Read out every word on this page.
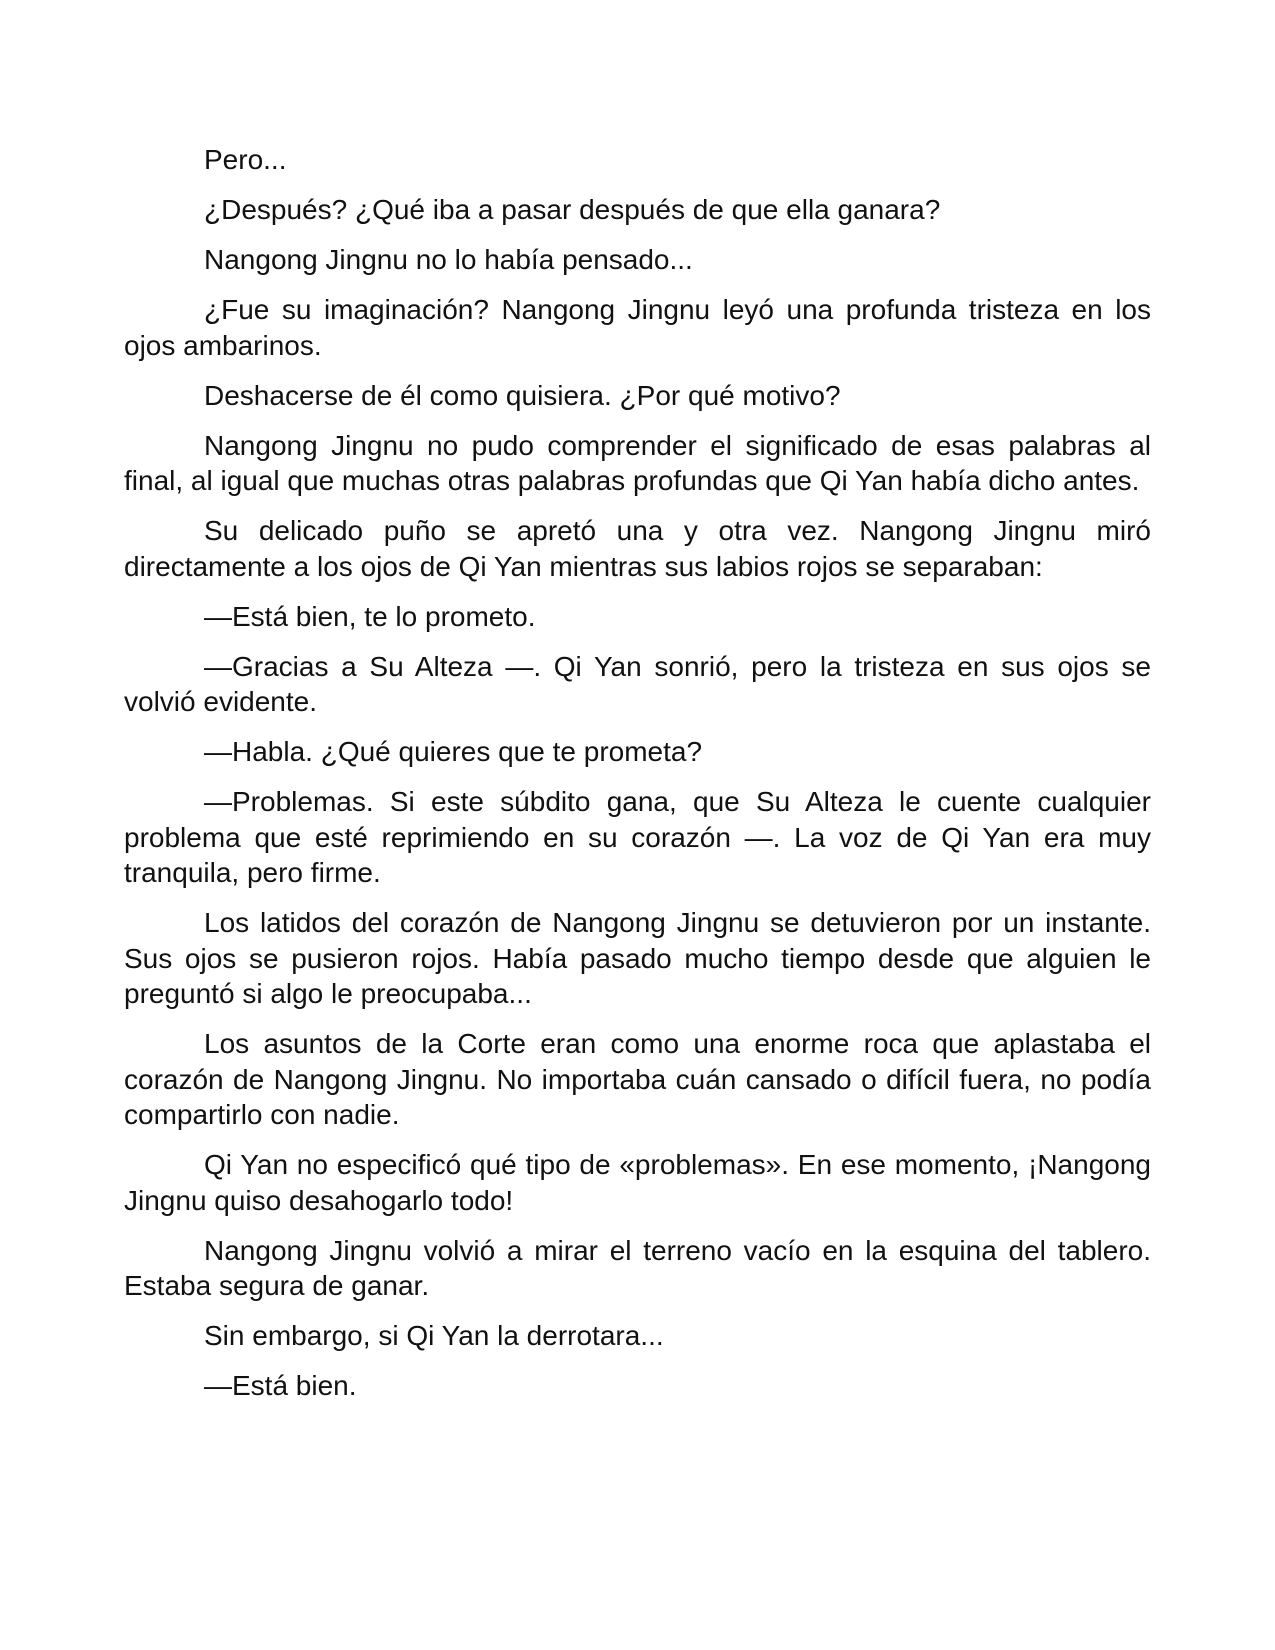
Pero...

¿Después? ¿Qué iba a pasar después de que ella ganara?

Nangong Jingnu no lo había pensado...

¿Fue su imaginación? Nangong Jingnu leyó una profunda tristeza en los ojos ambarinos.

Deshacerse de él como quisiera. ¿Por qué motivo?

Nangong Jingnu no pudo comprender el significado de esas palabras al final, al igual que muchas otras palabras profundas que Qi Yan había dicho antes.

Su delicado puño se apretó una y otra vez. Nangong Jingnu miró directamente a los ojos de Qi Yan mientras sus labios rojos se separaban:

—Está bien, te lo prometo.

—Gracias a Su Alteza —. Qi Yan sonrió, pero la tristeza en sus ojos se volvió evidente.

—Habla. ¿Qué quieres que te prometa?

—Problemas. Si este súbdito gana, que Su Alteza le cuente cualquier problema que esté reprimiendo en su corazón —. La voz de Qi Yan era muy tranquila, pero firme.

Los latidos del corazón de Nangong Jingnu se detuvieron por un instante. Sus ojos se pusieron rojos. Había pasado mucho tiempo desde que alguien le preguntó si algo le preocupaba...

Los asuntos de la Corte eran como una enorme roca que aplastaba el corazón de Nangong Jingnu. No importaba cuán cansado o difícil fuera, no podía compartirlo con nadie.

Qi Yan no especificó qué tipo de «problemas». En ese momento, ¡Nangong Jingnu quiso desahogarlo todo!

Nangong Jingnu volvió a mirar el terreno vacío en la esquina del tablero. Estaba segura de ganar.

Sin embargo, si Qi Yan la derrotara...

—Está bien.
